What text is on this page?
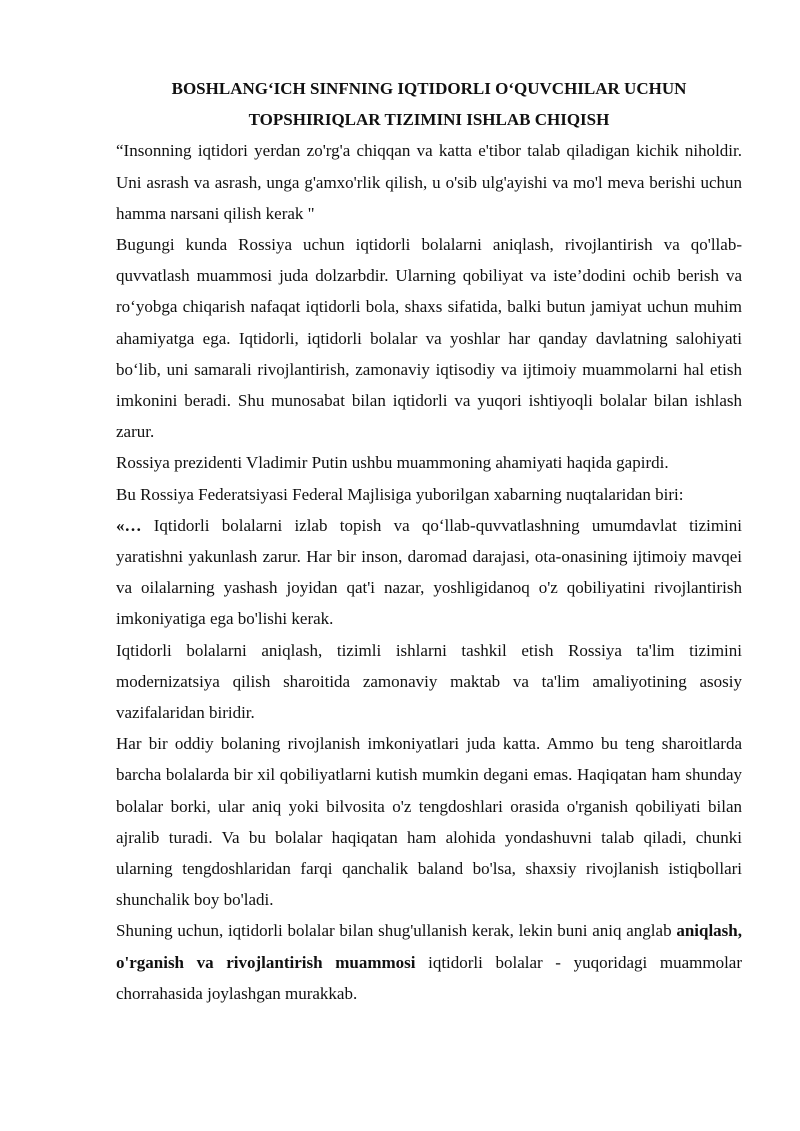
BOSHLANG‘ICH SINFNING IQTIDORLI O‘QUVCHILAR UCHUN
TOPSHIRIQLAR TIZIMINI ISHLAB CHIQISH

“Insonning iqtidori yerdan zo'rg'a chiqqan va katta e'tibor talab qiladigan kichik niholdir. Uni asrash va asrash, unga g'amxo'rlik qilish, u o'sib ulg'ayishi va mo'l meva berishi uchun hamma narsani qilish kerak "

Bugungi kunda Rossiya uchun iqtidorli bolalarni aniqlash, rivojlantirish va qo'llab-quvvatlash muammosi juda dolzarbdir. Ularning qobiliyat va iste’dodini ochib berish va ro‘yobga chiqarish nafaqat iqtidorli bola, shaxs sifatida, balki butun jamiyat uchun muhim ahamiyatga ega. Iqtidorli, iqtidorli bolalar va yoshlar har qanday davlatning salohiyati bo‘lib, uni samarali rivojlantirish, zamonaviy iqtisodiy va ijtimoiy muammolarni hal etish imkonini beradi. Shu munosabat bilan iqtidorli va yuqori ishtiyoqli bolalar bilan ishlash zarur.

Rossiya prezidenti Vladimir Putin ushbu muammoning ahamiyati haqida gapirdi.

Bu Rossiya Federatsiyasi Federal Majlisiga yuborilgan xabarning nuqtalaridan biri:

«… Iqtidorli bolalarni izlab topish va qo‘llab-quvvatlashning umumdavlat tizimini yaratishni yakunlash zarur. Har bir inson, daromad darajasi, ota-onasining ijtimoiy mavqei va oilalarning yashash joyidan qat'i nazar, yoshligidanoq o'z qobiliyatini rivojlantirish imkoniyatiga ega bo'lishi kerak.

Iqtidorli bolalarni aniqlash, tizimli ishlarni tashkil etish Rossiya ta'lim tizimini modernizatsiya qilish sharoitida zamonaviy maktab va ta'lim amaliyotining asosiy vazifalaridan biridir.

Har bir oddiy bolaning rivojlanish imkoniyatlari juda katta. Ammo bu teng sharoitlarda barcha bolalarda bir xil qobiliyatlarni kutish mumkin degani emas. Haqiqatan ham shunday bolalar borki, ular aniq yoki bilvosita o'z tengdoshlari orasida o'rganish qobiliyati bilan ajralib turadi. Va bu bolalar haqiqatan ham alohida yondashuvni talab qiladi, chunki ularning tengdoshlaridan farqi qanchalik baland bo'lsa, shaxsiy rivojlanish istiqbollari shunchalik boy bo'ladi.

Shuning uchun, iqtidorli bolalar bilan shug'ullanish kerak, lekin buni aniq anglab aniqlash, o'rganish va rivojlantirish muammosi iqtidorli bolalar - yuqoridagi muammolar chorrahasida joylashgan murakkab.
